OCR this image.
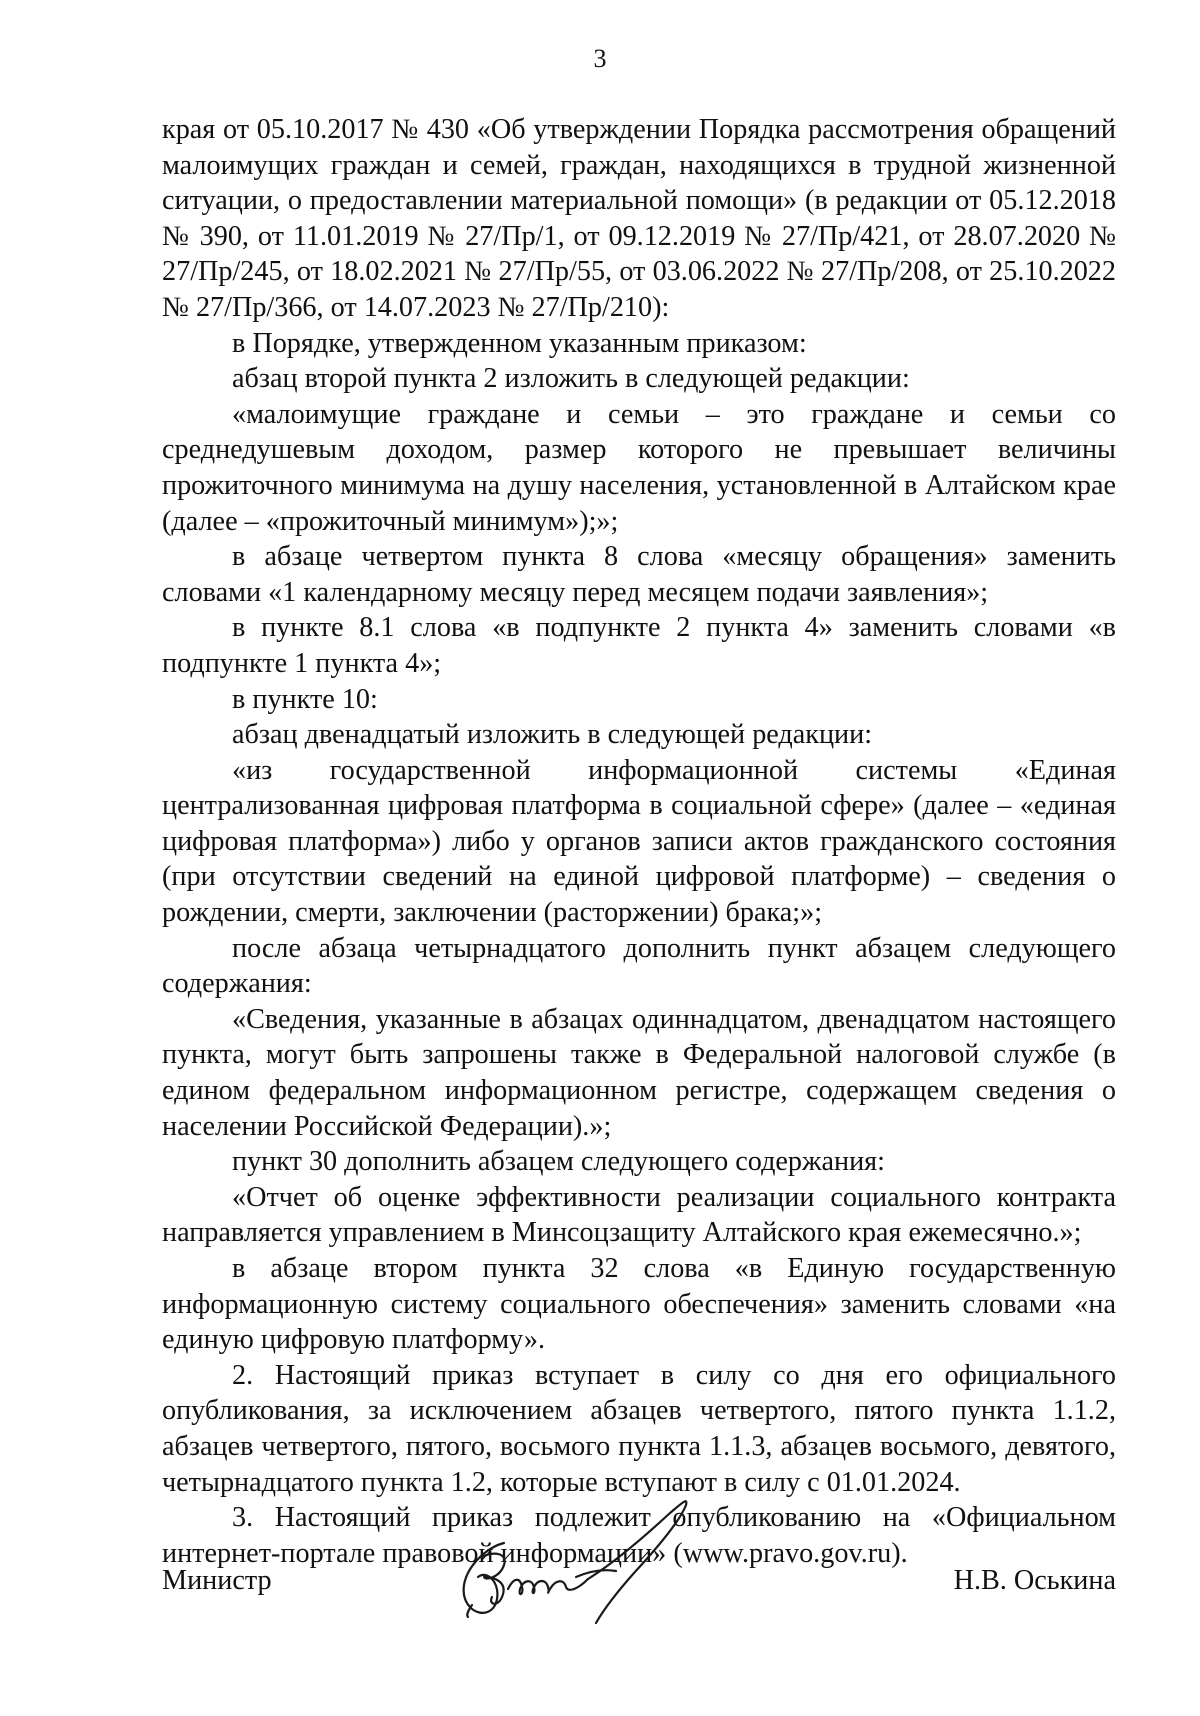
3

края от 05.10.2017 № 430 «Об утверждении Порядка рассмотрения обращений малоимущих граждан и семей, граждан, находящихся в трудной жизненной ситуации, о предоставлении материальной помощи» (в редакции от 05.12.2018 № 390, от 11.01.2019 № 27/Пр/1, от 09.12.2019 № 27/Пр/421, от 28.07.2020 № 27/Пр/245, от 18.02.2021 № 27/Пр/55, от 03.06.2022 № 27/Пр/208, от 25.10.2022 № 27/Пр/366, от 14.07.2023 № 27/Пр/210):

в Порядке, утвержденном указанным приказом:

абзац второй пункта 2 изложить в следующей редакции:

«малоимущие граждане и семьи – это граждане и семьи со среднедушевым доходом, размер которого не превышает величины прожиточного минимума на душу населения, установленной в Алтайском крае (далее – «прожиточный минимум»);»;

в абзаце четвертом пункта 8 слова «месяцу обращения» заменить словами «1 календарному месяцу перед месяцем подачи заявления»;

в пункте 8.1 слова «в подпункте 2 пункта 4» заменить словами «в подпункте 1 пункта 4»;

в пункте 10:

абзац двенадцатый изложить в следующей редакции:

«из государственной информационной системы «Единая централизованная цифровая платформа в социальной сфере» (далее – «единая цифровая платформа») либо у органов записи актов гражданского состояния (при отсутствии сведений на единой цифровой платформе) – сведения о рождении, смерти, заключении (расторжении) брака;»;

после абзаца четырнадцатого дополнить пункт абзацем следующего содержания:

«Сведения, указанные в абзацах одиннадцатом, двенадцатом настоящего пункта, могут быть запрошены также в Федеральной налоговой службе (в едином федеральном информационном регистре, содержащем сведения о населении Российской Федерации).»;

пункт 30 дополнить абзацем следующего содержания:

«Отчет об оценке эффективности реализации социального контракта направляется управлением в Минсоцзащиту Алтайского края ежемесячно.»;

в абзаце втором пункта 32 слова «в Единую государственную информационную систему социального обеспечения» заменить словами «на единую цифровую платформу».

2. Настоящий приказ вступает в силу со дня его официального опубликования, за исключением абзацев четвертого, пятого пункта 1.1.2, абзацев четвертого, пятого, восьмого пункта 1.1.3, абзацев восьмого, девятого, четырнадцатого пункта 1.2, которые вступают в силу с 01.01.2024.

3. Настоящий приказ подлежит опубликованию на «Официальном интернет-портале правовой информации» (www.pravo.gov.ru).

Министр	Н.В. Оськина
